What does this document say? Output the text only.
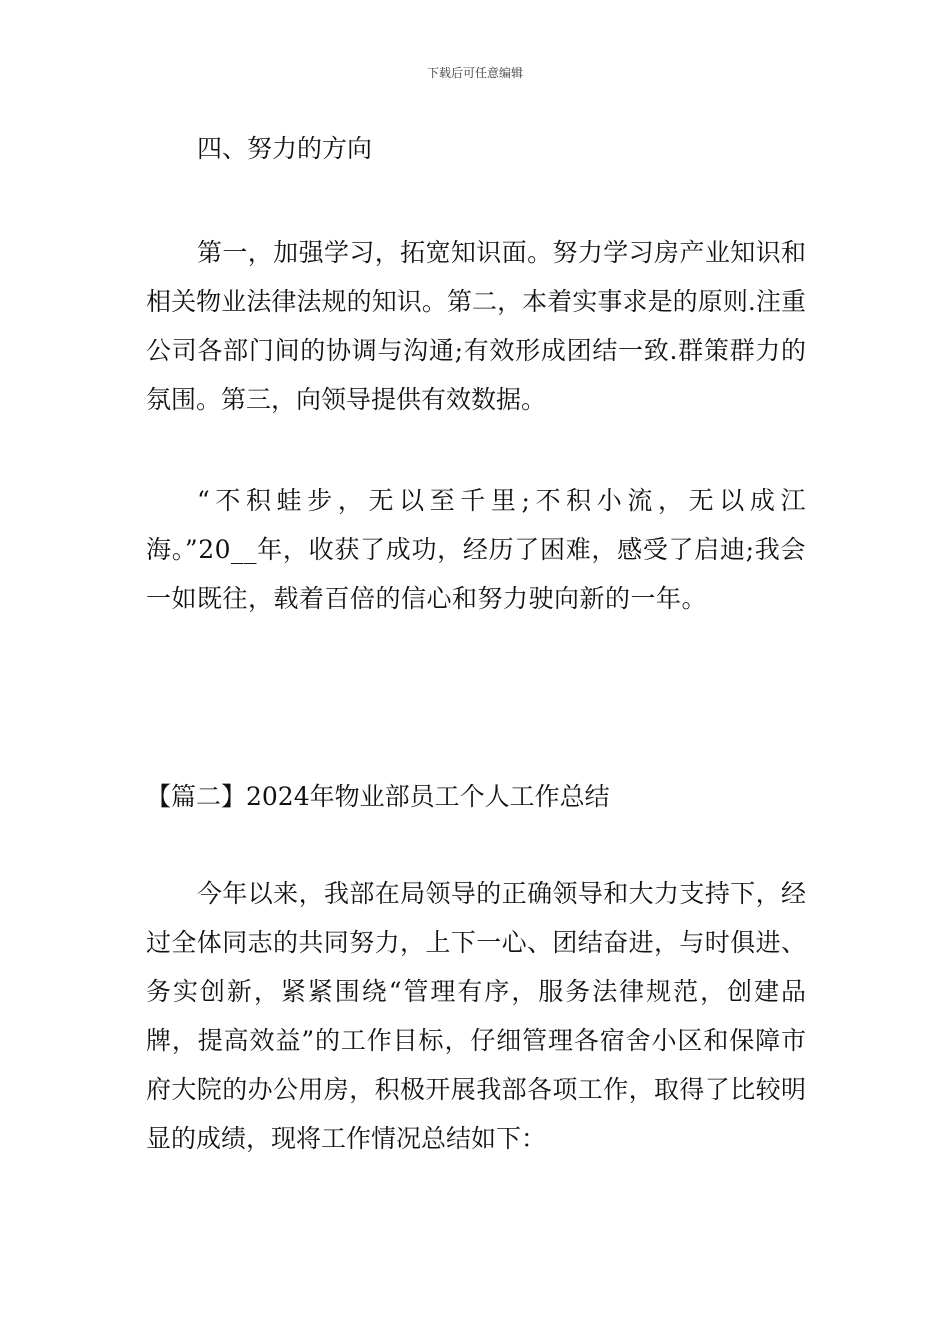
下载后可任意编辑
四、努力的方向

第一，加强学习，拓宽知识面。努力学习房产业知识和相关物业法律法规的知识。第二，本着实事求是的原则.注重公司各部门间的协调与沟通;有效形成团结一致.群策群力的氛围。第三，向领导提供有效数据。

“不积蛙步，无以至千里;不积小流，无以成江海。”20__年，收获了成功，经历了困难，感受了启迪;我会一如既往，载着百倍的信心和努力驶向新的一年。

【篇二】2024年物业部员工个人工作总结

今年以来，我部在局领导的正确领导和大力支持下，经过全体同志的共同努力，上下一心、团结奋进，与时俱进、务实创新，紧紧围绕“管理有序，服务法律规范，创建品牌，提高效益”的工作目标，仔细管理各宿舍小区和保障市府大院的办公用房，积极开展我部各项工作，取得了比较明显的成绩，现将工作情况总结如下：
